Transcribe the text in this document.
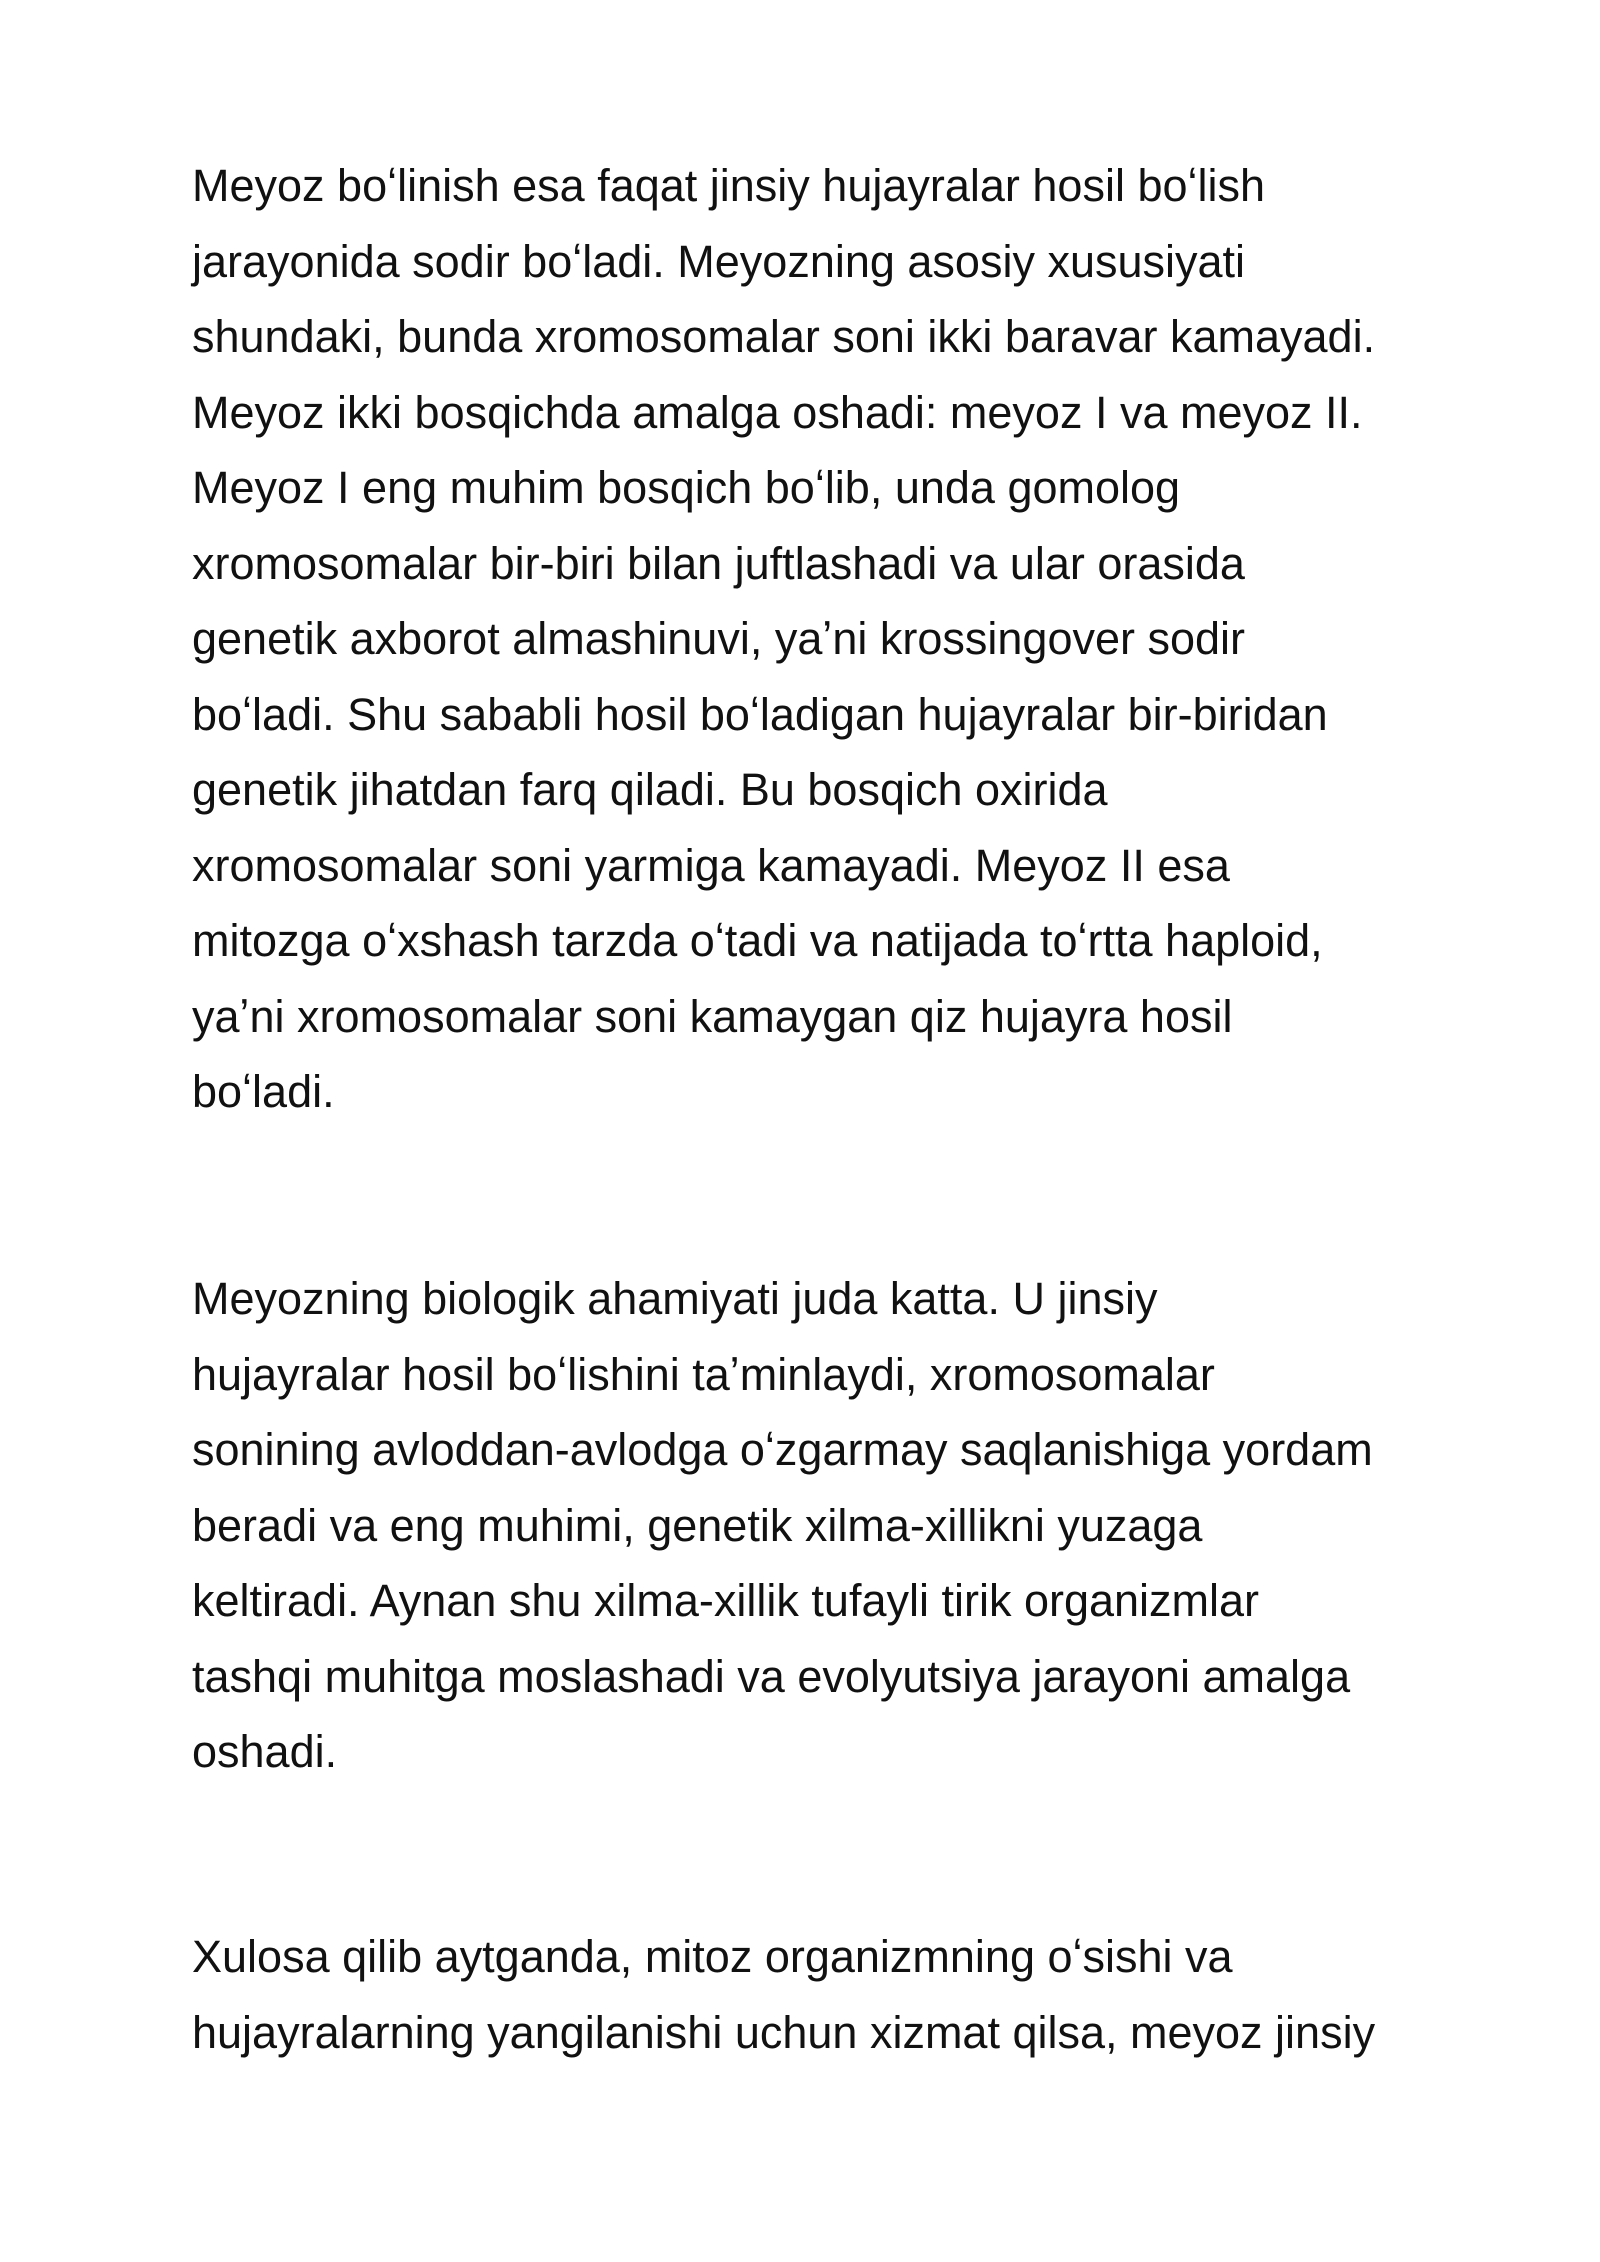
Meyoz boʻlinish esa faqat jinsiy hujayralar hosil boʻlish
jarayonida sodir boʻladi. Meyozning asosiy xususiyati
shundaki, bunda xromosomalar soni ikki baravar kamayadi.
Meyoz ikki bosqichda amalga oshadi: meyoz I va meyoz II.
Meyoz I eng muhim bosqich boʻlib, unda gomolog
xromosomalar bir-biri bilan juftlashadi va ular orasida
genetik axborot almashinuvi, yaʼni krossingover sodir
boʻladi. Shu sababli hosil boʻladigan hujayralar bir-biridan
genetik jihatdan farq qiladi. Bu bosqich oxirida
xromosomalar soni yarmiga kamayadi. Meyoz II esa
mitozga oʻxshash tarzda oʻtadi va natijada toʻrtta haploid,
yaʼni xromosomalar soni kamaygan qiz hujayra hosil
boʻladi.
Meyozning biologik ahamiyati juda katta. U jinsiy
hujayralar hosil boʻlishini taʼminlaydi, xromosomalar
sonining avloddan-avlodga oʻzgarmay saqlanishiga yordam
beradi va eng muhimi, genetik xilma-xillikni yuzaga
keltiradi. Aynan shu xilma-xillik tufayli tirik organizmlar
tashqi muhitga moslashadi va evolyutsiya jarayoni amalga
oshadi.
Xulosa qilib aytganda, mitoz organizmning oʻsishi va
hujayralarning yangilanishi uchun xizmat qilsa, meyoz jinsiy
